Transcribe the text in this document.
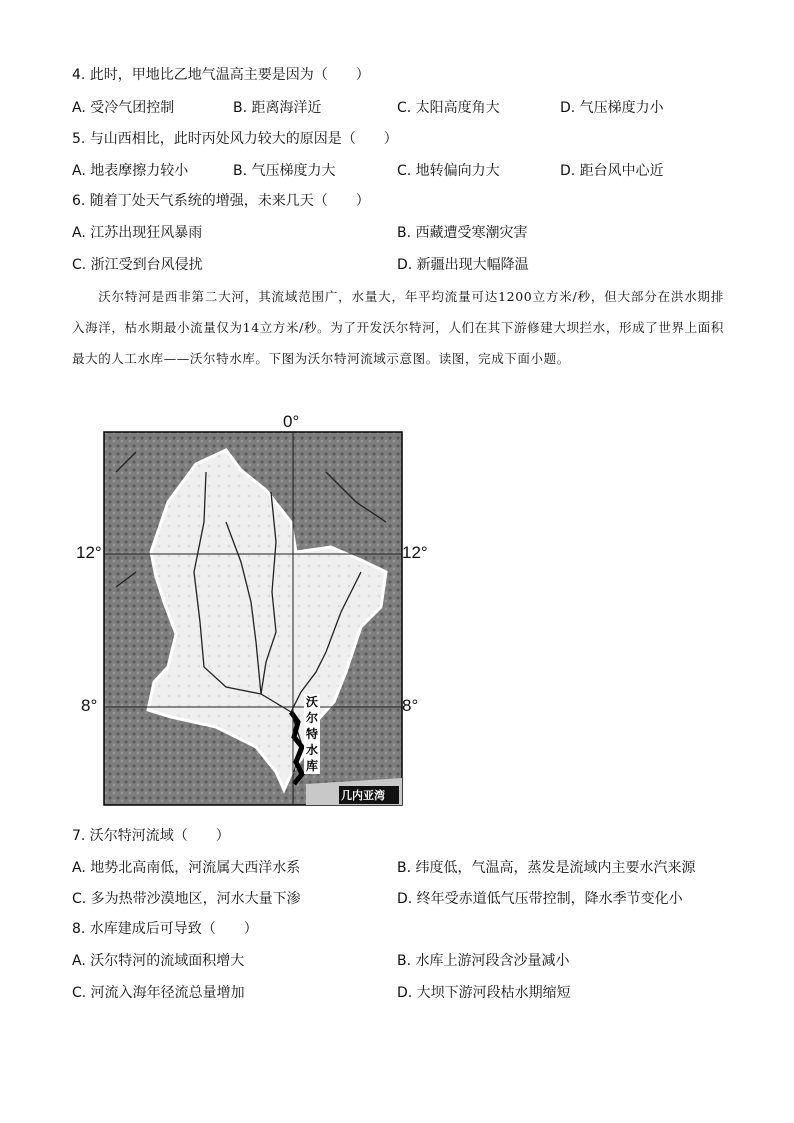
4. 此时，甲地比乙地气温高主要是因为（　　）
A. 受冷气团控制	B. 距离海洋近	C. 太阳高度角大	D. 气压梯度力小
5. 与山西相比，此时丙处风力较大的原因是（　　）
A. 地表摩擦力较小	B. 气压梯度力大	C. 地转偏向力大	D. 距台风中心近
6. 随着丁处天气系统的增强，未来几天（　　）
A. 江苏出现狂风暴雨	B. 西藏遭受寒潮灾害
C. 浙江受到台风侵扰	D. 新疆出现大幅降温
沃尔特河是西非第二大河，其流域范围广，水量大，年平均流量可达1200立方米/秒，但大部分在洪水期排入海洋，枯水期最小流量仅为14立方米/秒。为了开发沃尔特河，人们在其下游修建大坝拦水，形成了世界上面积最大的人工水库——沃尔特水库。下图为沃尔特河流域示意图。读图，完成下面小题。
0°
12°	12°
8°	8°
沃
尔
特
水
库
几内亚湾
7. 沃尔特河流域（　　）
A. 地势北高南低，河流属大西洋水系	B. 纬度低，气温高，蒸发是流域内主要水汽来源
C. 多为热带沙漠地区，河水大量下渗	D. 终年受赤道低气压带控制，降水季节变化小
8. 水库建成后可导致（　　）
A. 沃尔特河的流域面积增大	B. 水库上游河段含沙量减小
C. 河流入海年径流总量增加	D. 大坝下游河段枯水期缩短
